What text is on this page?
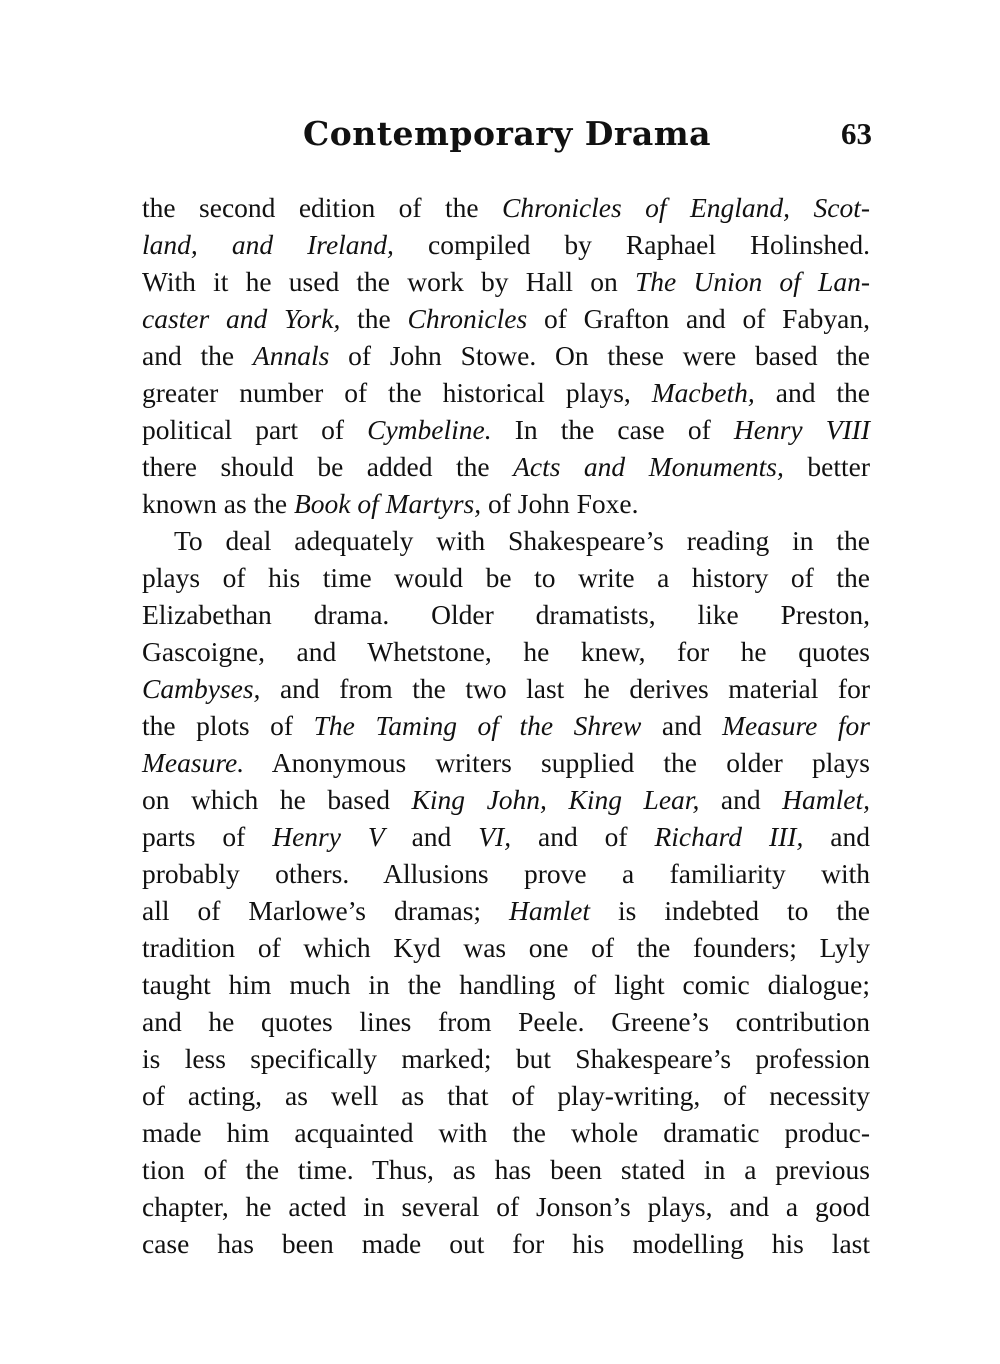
Contemporary Drama	63
the second edition of the Chronicles of England, Scot-
land, and Ireland, compiled by Raphael Holinshed.
With it he used the work by Hall on The Union of Lan-
caster and York, the Chronicles of Grafton and of Fabyan,
and the Annals of John Stowe. On these were based the
greater number of the historical plays, Macbeth, and the
political part of Cymbeline. In the case of Henry VIII
there should be added the Acts and Monuments, better
known as the Book of Martyrs, of John Foxe.
To deal adequately with Shakespeare’s reading in the
plays of his time would be to write a history of the
Elizabethan drama. Older dramatists, like Preston,
Gascoigne, and Whetstone, he knew, for he quotes
Cambyses, and from the two last he derives material for
the plots of The Taming of the Shrew and Measure for
Measure. Anonymous writers supplied the older plays
on which he based King John, King Lear, and Hamlet,
parts of Henry V and VI, and of Richard III, and
probably others. Allusions prove a familiarity with
all of Marlowe’s dramas; Hamlet is indebted to the
tradition of which Kyd was one of the founders; Lyly
taught him much in the handling of light comic dialogue;
and he quotes lines from Peele. Greene’s contribution
is less specifically marked; but Shakespeare’s profession
of acting, as well as that of play-writing, of necessity
made him acquainted with the whole dramatic produc-
tion of the time. Thus, as has been stated in a previous
chapter, he acted in several of Jonson’s plays, and a good
case has been made out for his modelling his last
